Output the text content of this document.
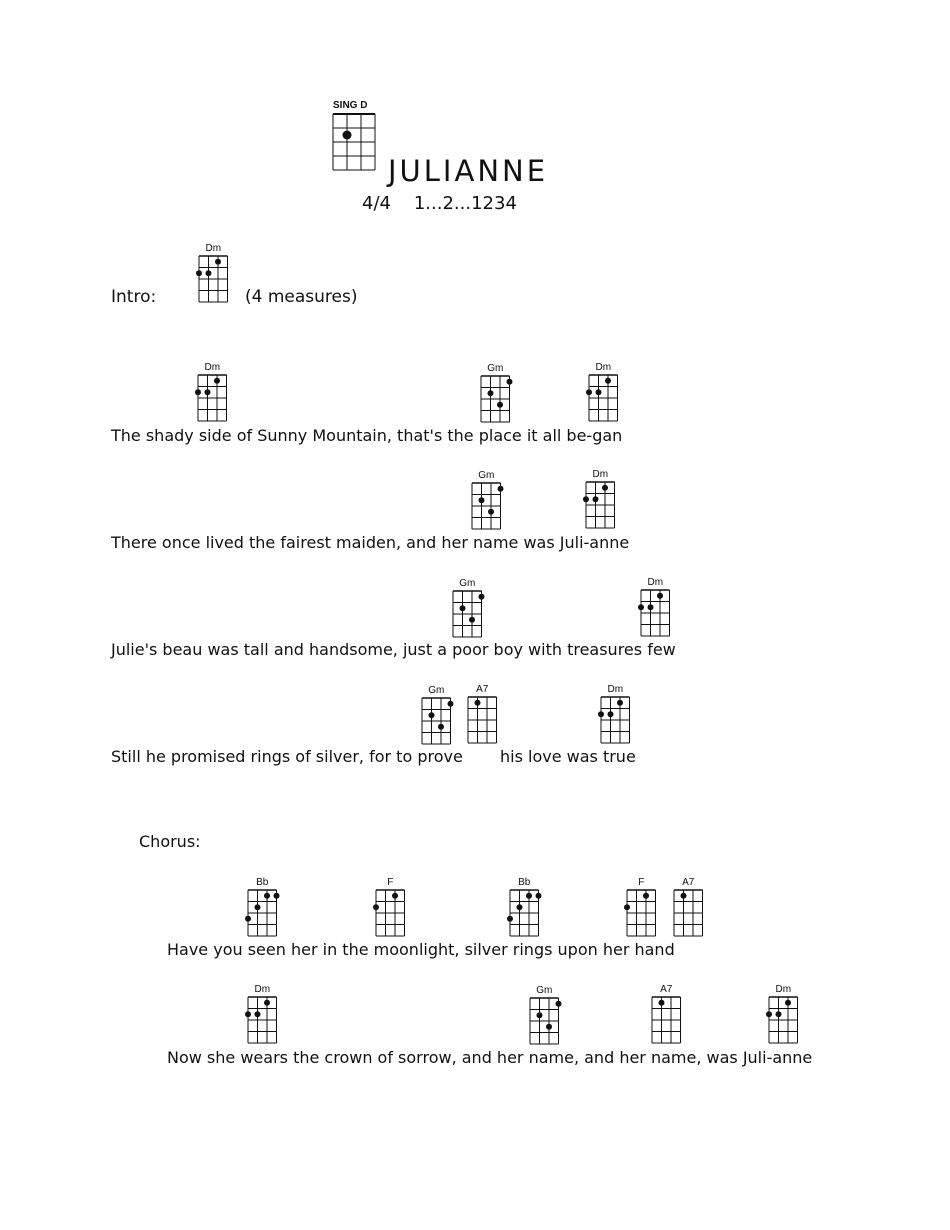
SING D
JULIANNE
4/4 1...2...1234
Intro:
Dm
(4 measures)
Dm	Gm	Dm
The shady side of Sunny Mountain, that's the place it all be-gan
Gm	Dm
There once lived the fairest maiden, and her name was Juli-anne
Gm	Dm
Julie's beau was tall and handsome, just a poor boy with treasures few
Gm	A7	Dm
Still he promised rings of silver, for to prove his love was true
Chorus:
Bb	F	Bb	F	A7
Have you seen her in the moonlight, silver rings upon her hand
Dm	Gm	A7	Dm
Now she wears the crown of sorrow, and her name, and her name, was Juli-anne
